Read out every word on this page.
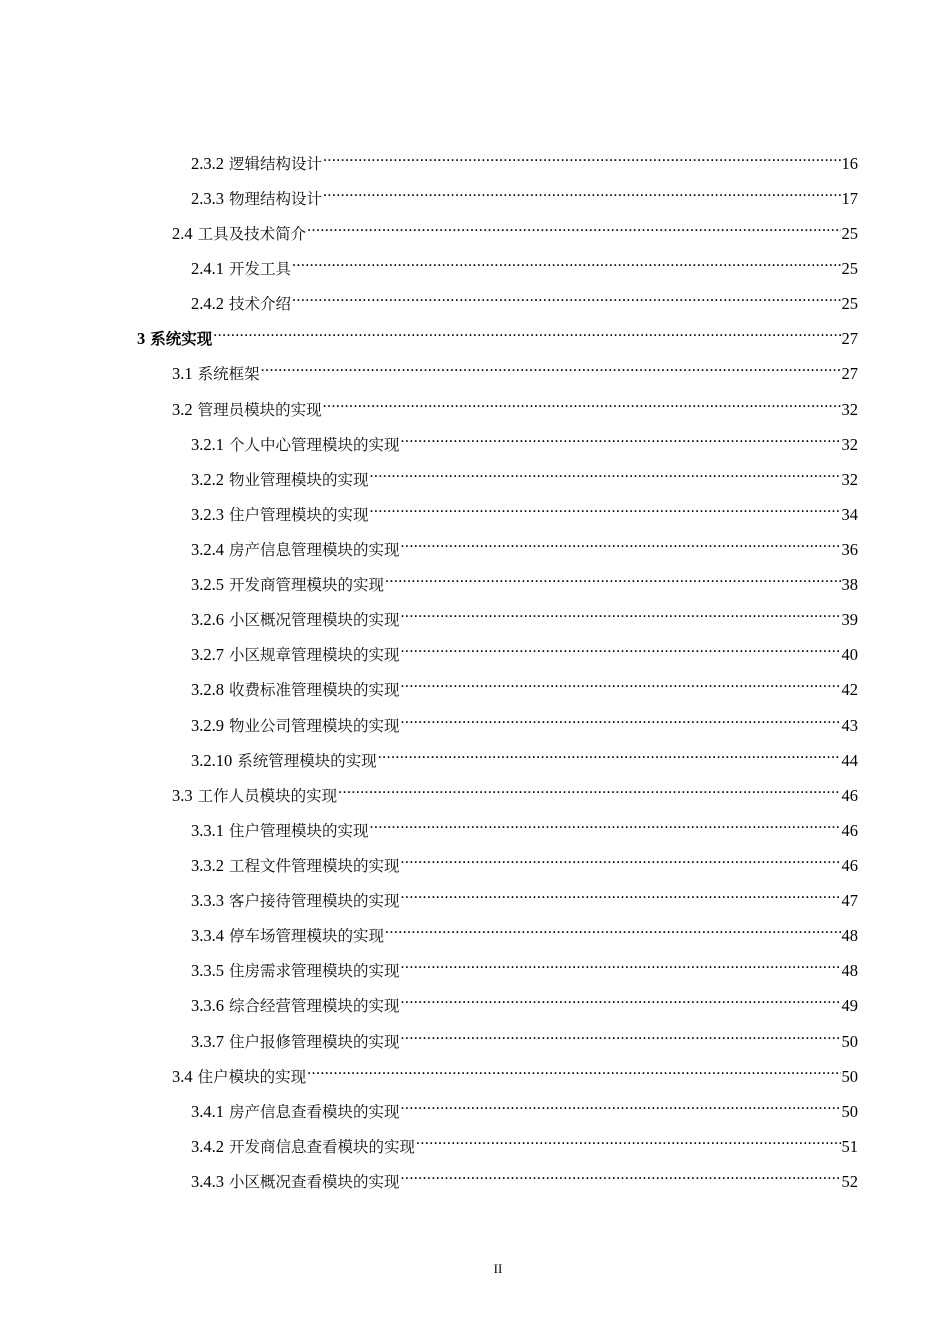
2.3.2 逻辑结构设计 .....	16
2.3.3 物理结构设计 .....	17
2.4 工具及技术简介 .....	25
2.4.1 开发工具 .....	25
2.4.2 技术介绍 .....	25
3 系统实现 .....	27
3.1 系统框架 .....	27
3.2 管理员模块的实现 .....	32
3.2.1 个人中心管理模块的实现 .....	32
3.2.2 物业管理模块的实现 .....	32
3.2.3 住户管理模块的实现 .....	34
3.2.4 房产信息管理模块的实现 .....	36
3.2.5 开发商管理模块的实现 .....	38
3.2.6 小区概况管理模块的实现 .....	39
3.2.7 小区规章管理模块的实现 .....	40
3.2.8 收费标准管理模块的实现 .....	42
3.2.9 物业公司管理模块的实现 .....	43
3.2.10 系统管理模块的实现 .....	44
3.3 工作人员模块的实现 .....	46
3.3.1 住户管理模块的实现 .....	46
3.3.2 工程文件管理模块的实现 .....	46
3.3.3 客户接待管理模块的实现 .....	47
3.3.4 停车场管理模块的实现 .....	48
3.3.5 住房需求管理模块的实现 .....	48
3.3.6 综合经营管理模块的实现 .....	49
3.3.7 住户报修管理模块的实现 .....	50
3.4 住户模块的实现 .....	50
3.4.1 房产信息查看模块的实现 .....	50
3.4.2 开发商信息查看模块的实现 .....	51
3.4.3 小区概况查看模块的实现 .....	52
II
